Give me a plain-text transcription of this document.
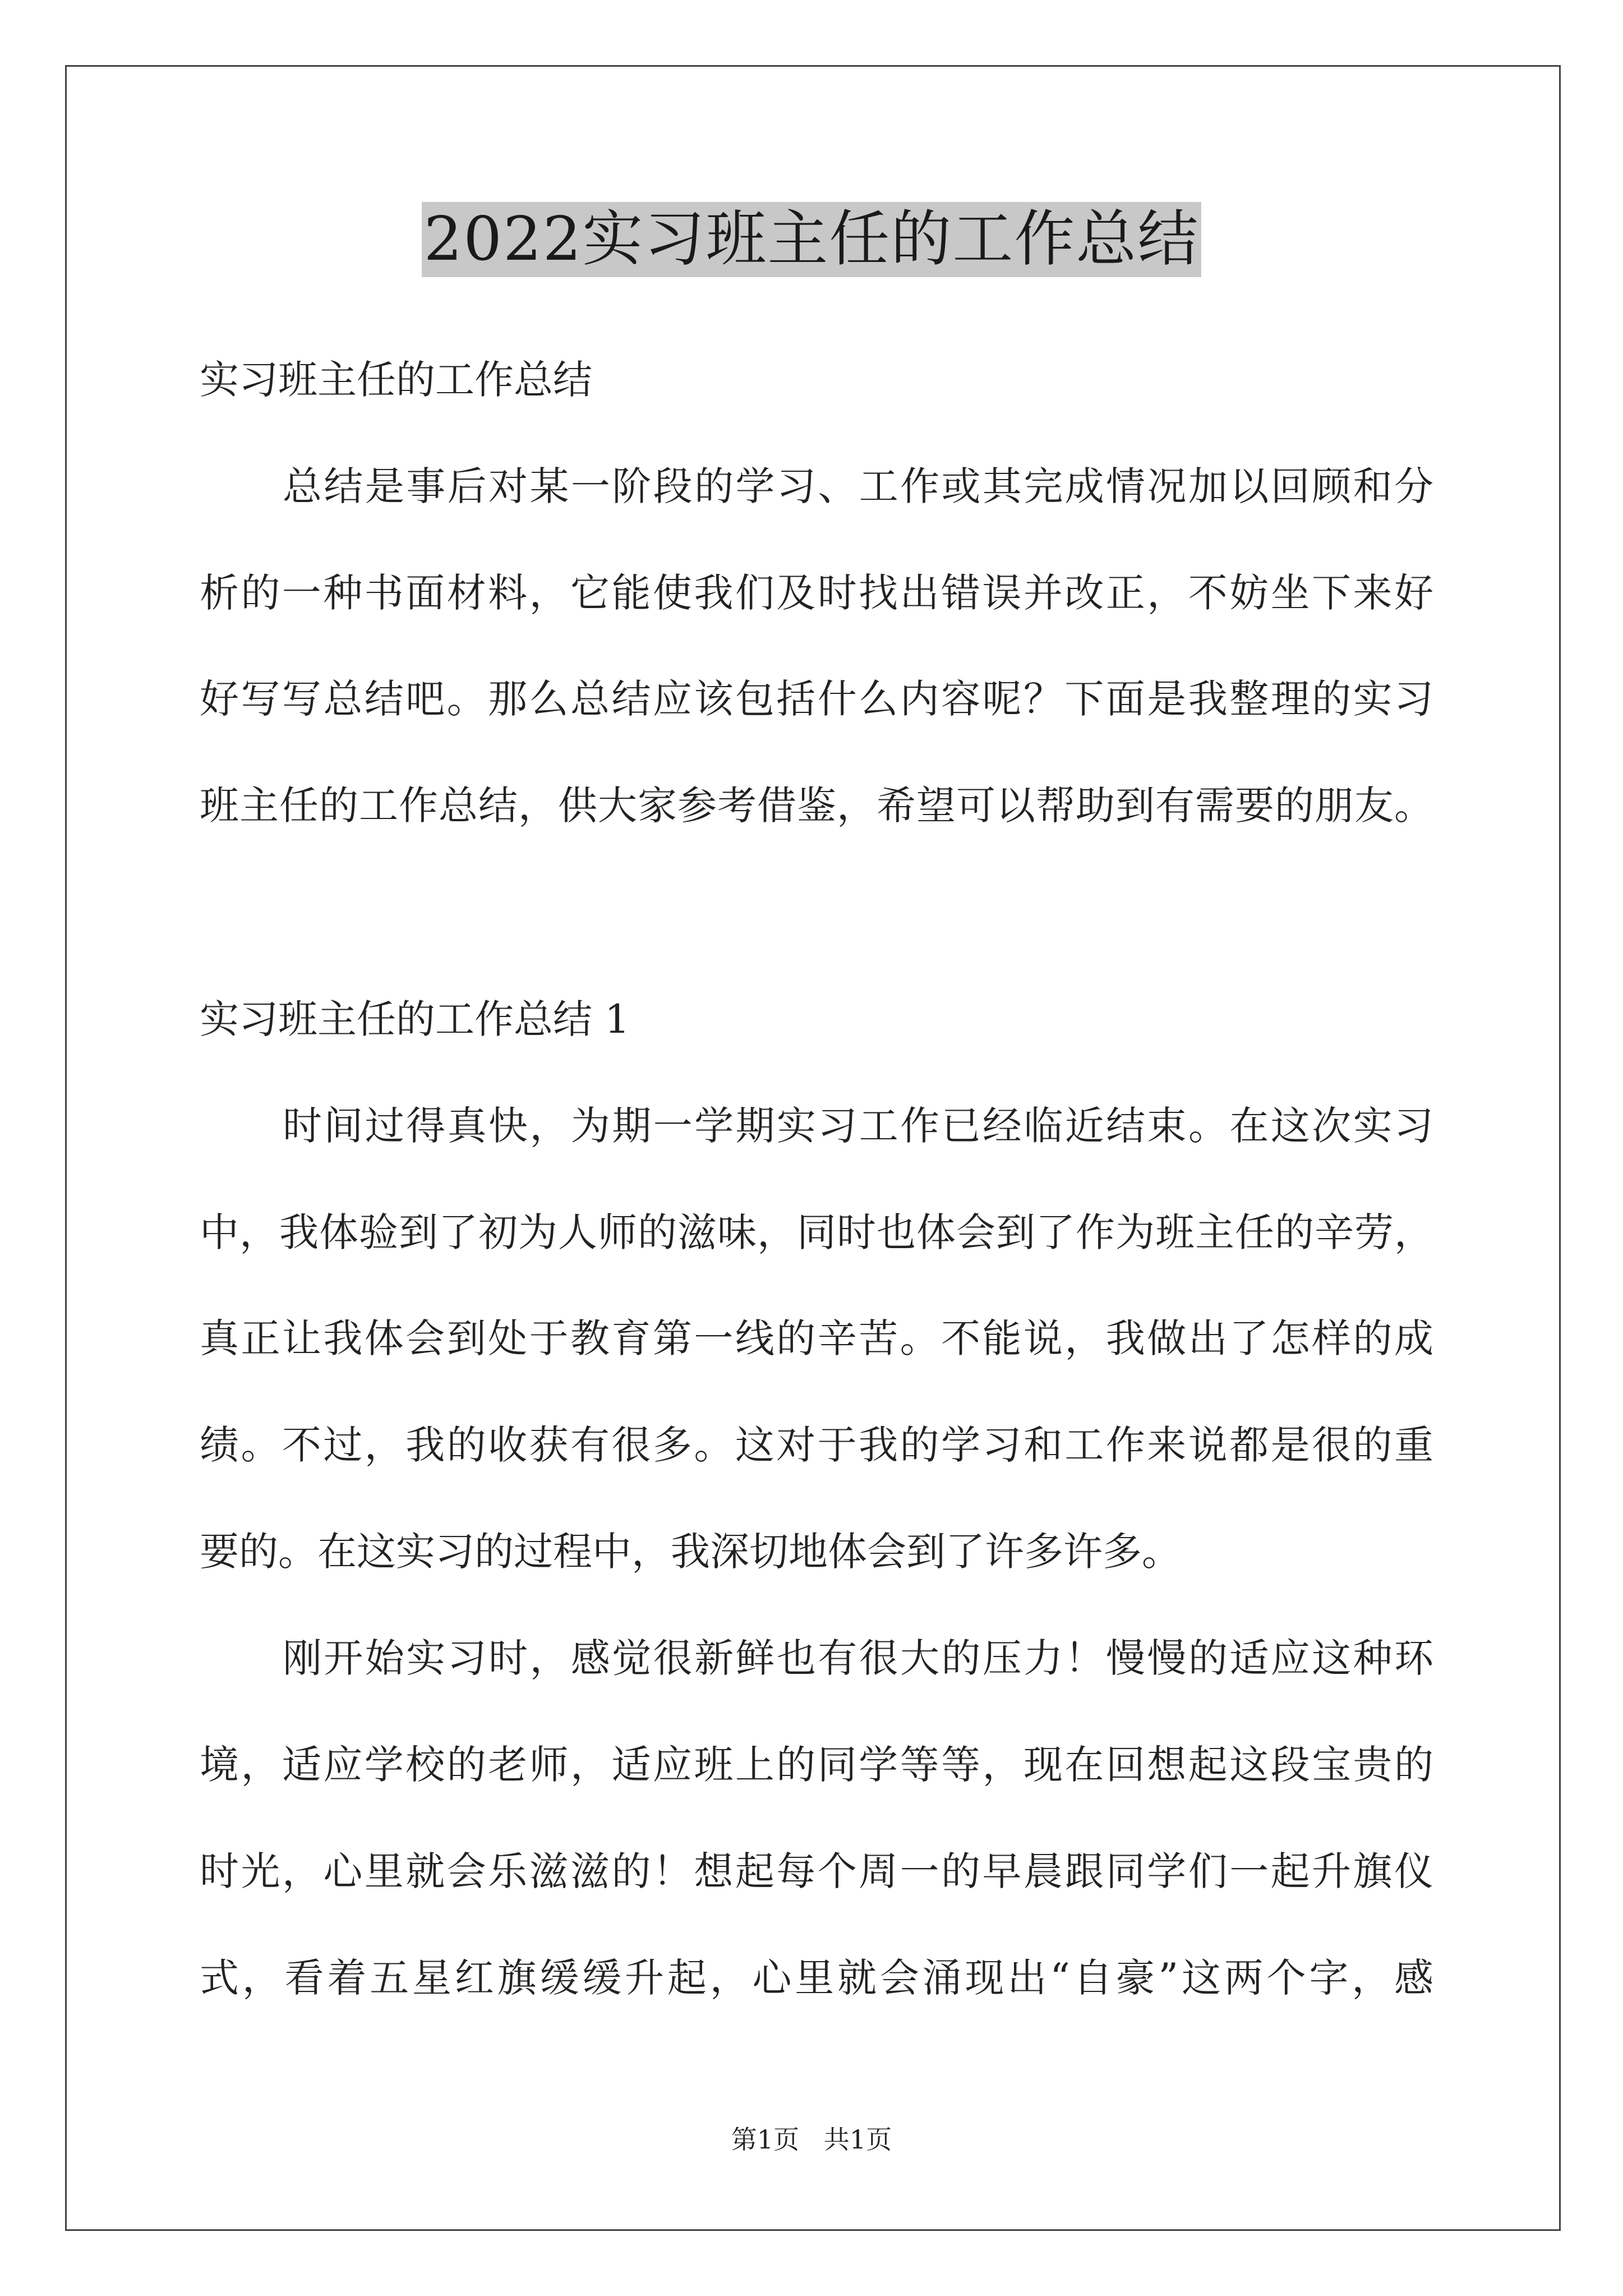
2022实习班主任的工作总结
实习班主任的工作总结
总结是事后对某一阶段的学习、工作或其完成情况加以回顾和分
析的一种书面材料，它能使我们及时找出错误并改正，不妨坐下来好
好写写总结吧。那么总结应该包括什么内容呢？下面是我整理的实习
班主任的工作总结，供大家参考借鉴，希望可以帮助到有需要的朋友。
实习班主任的工作总结 1
时间过得真快，为期一学期实习工作已经临近结束。在这次实习
中，我体验到了初为人师的滋味，同时也体会到了作为班主任的辛劳，
真正让我体会到处于教育第一线的辛苦。不能说，我做出了怎样的成
绩。不过，我的收获有很多。这对于我的学习和工作来说都是很的重
要的。在这实习的过程中，我深切地体会到了许多许多。
刚开始实习时，感觉很新鲜也有很大的压力！慢慢的适应这种环
境，适应学校的老师，适应班上的同学等等，现在回想起这段宝贵的
时光，心里就会乐滋滋的！想起每个周一的早晨跟同学们一起升旗仪
式，看着五星红旗缓缓升起，心里就会涌现出“自豪”这两个字，感
第1页   共1页
